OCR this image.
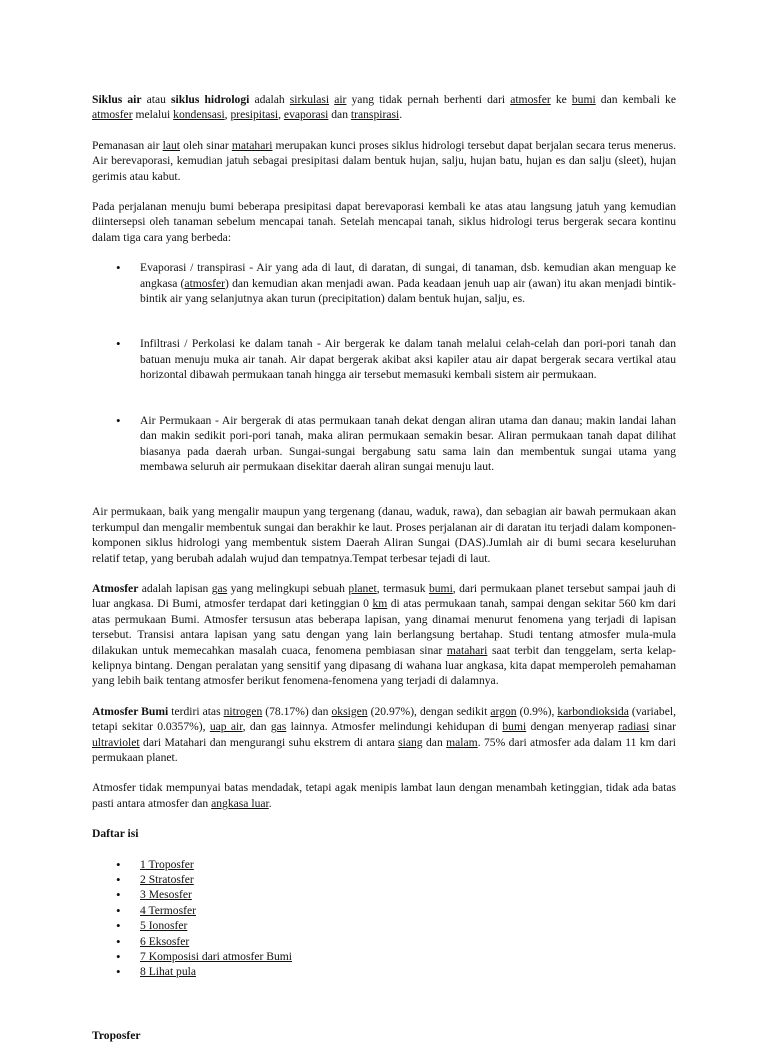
Siklus air atau siklus hidrologi adalah sirkulasi air yang tidak pernah berhenti dari atmosfer ke bumi dan kembali ke atmosfer melalui kondensasi, presipitasi, evaporasi dan transpirasi.

Pemanasan air laut oleh sinar matahari merupakan kunci proses siklus hidrologi tersebut dapat berjalan secara terus menerus. Air berevaporasi, kemudian jatuh sebagai presipitasi dalam bentuk hujan, salju, hujan batu, hujan es dan salju (sleet), hujan gerimis atau kabut.

Pada perjalanan menuju bumi beberapa presipitasi dapat berevaporasi kembali ke atas atau langsung jatuh yang kemudian diintersepsi oleh tanaman sebelum mencapai tanah. Setelah mencapai tanah, siklus hidrologi terus bergerak secara kontinu dalam tiga cara yang berbeda:

• Evaporasi / transpirasi - Air yang ada di laut, di daratan, di sungai, di tanaman, dsb. kemudian akan menguap ke angkasa (atmosfer) dan kemudian akan menjadi awan. Pada keadaan jenuh uap air (awan) itu akan menjadi bintik-bintik air yang selanjutnya akan turun (precipitation) dalam bentuk hujan, salju, es.
• Infiltrasi / Perkolasi ke dalam tanah - Air bergerak ke dalam tanah melalui celah-celah dan pori-pori tanah dan batuan menuju muka air tanah. Air dapat bergerak akibat aksi kapiler atau air dapat bergerak secara vertikal atau horizontal dibawah permukaan tanah hingga air tersebut memasuki kembali sistem air permukaan.
• Air Permukaan - Air bergerak di atas permukaan tanah dekat dengan aliran utama dan danau; makin landai lahan dan makin sedikit pori-pori tanah, maka aliran permukaan semakin besar. Aliran permukaan tanah dapat dilihat biasanya pada daerah urban. Sungai-sungai bergabung satu sama lain dan membentuk sungai utama yang membawa seluruh air permukaan disekitar daerah aliran sungai menuju laut.

Air permukaan, baik yang mengalir maupun yang tergenang (danau, waduk, rawa), dan sebagian air bawah permukaan akan terkumpul dan mengalir membentuk sungai dan berakhir ke laut. Proses perjalanan air di daratan itu terjadi dalam komponen-komponen siklus hidrologi yang membentuk sistem Daerah Aliran Sungai (DAS).Jumlah air di bumi secara keseluruhan relatif tetap, yang berubah adalah wujud dan tempatnya.Tempat terbesar tejadi di laut.

Atmosfer adalah lapisan gas yang melingkupi sebuah planet, termasuk bumi, dari permukaan planet tersebut sampai jauh di luar angkasa. Di Bumi, atmosfer terdapat dari ketinggian 0 km di atas permukaan tanah, sampai dengan sekitar 560 km dari atas permukaan Bumi. Atmosfer tersusun atas beberapa lapisan, yang dinamai menurut fenomena yang terjadi di lapisan tersebut. Transisi antara lapisan yang satu dengan yang lain berlangsung bertahap. Studi tentang atmosfer mula-mula dilakukan untuk memecahkan masalah cuaca, fenomena pembiasan sinar matahari saat terbit dan tenggelam, serta kelap-kelipnya bintang. Dengan peralatan yang sensitif yang dipasang di wahana luar angkasa, kita dapat memperoleh pemahaman yang lebih baik tentang atmosfer berikut fenomena-fenomena yang terjadi di dalamnya.

Atmosfer Bumi terdiri atas nitrogen (78.17%) dan oksigen (20.97%), dengan sedikit argon (0.9%), karbondioksida (variabel, tetapi sekitar 0.0357%), uap air, dan gas lainnya. Atmosfer melindungi kehidupan di bumi dengan menyerap radiasi sinar ultraviolet dari Matahari dan mengurangi suhu ekstrem di antara siang dan malam. 75% dari atmosfer ada dalam 11 km dari permukaan planet.

Atmosfer tidak mempunyai batas mendadak, tetapi agak menipis lambat laun dengan menambah ketinggian, tidak ada batas pasti antara atmosfer dan angkasa luar.

Daftar isi
• 1 Troposfer
• 2 Stratosfer
• 3 Mesosfer
• 4 Termosfer
• 5 Ionosfer
• 6 Eksosfer
• 7 Komposisi dari atmosfer Bumi
• 8 Lihat pula
Troposfer
